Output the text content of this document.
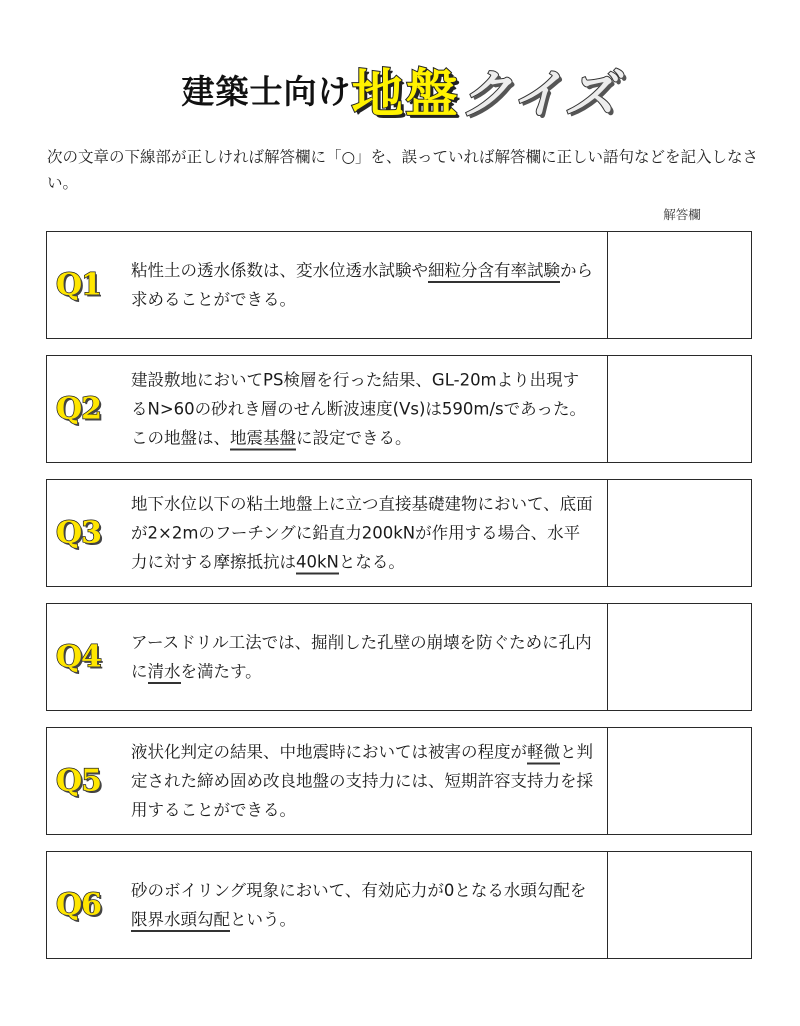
建築士向け地盤クイズ
次の文章の下線部が正しければ解答欄に「○」を、誤っていれば解答欄に正しい語句などを記入しなさい。
解答欄
Q1 粘性土の透水係数は、変水位透水試験や細粒分含有率試験から求めることができる。
Q2
建設敷地においてPS検層を行った結果、GL-20mより出現するN>60の砂れき層のせん断波速度(Vs)は590m/sであった。この地盤は、地震基盤に設定できる。
Q3
地下水位以下の粘土地盤上に立つ直接基礎建物において、底面が2×2mのフーチングに鉛直力200kNが作用する場合、水平力に対する摩擦抵抗は40kNとなる。
Q4 アースドリル工法では、掘削した孔壁の崩壊を防ぐために孔内に清水を満たす。
Q5
液状化判定の結果、中地震時においては被害の程度が軽微と判定された締め固め改良地盤の支持力には、短期許容支持力を採用することができる。
Q6 砂のボイリング現象において、有効応力が0となる水頭勾配を限界水頭勾配という。
